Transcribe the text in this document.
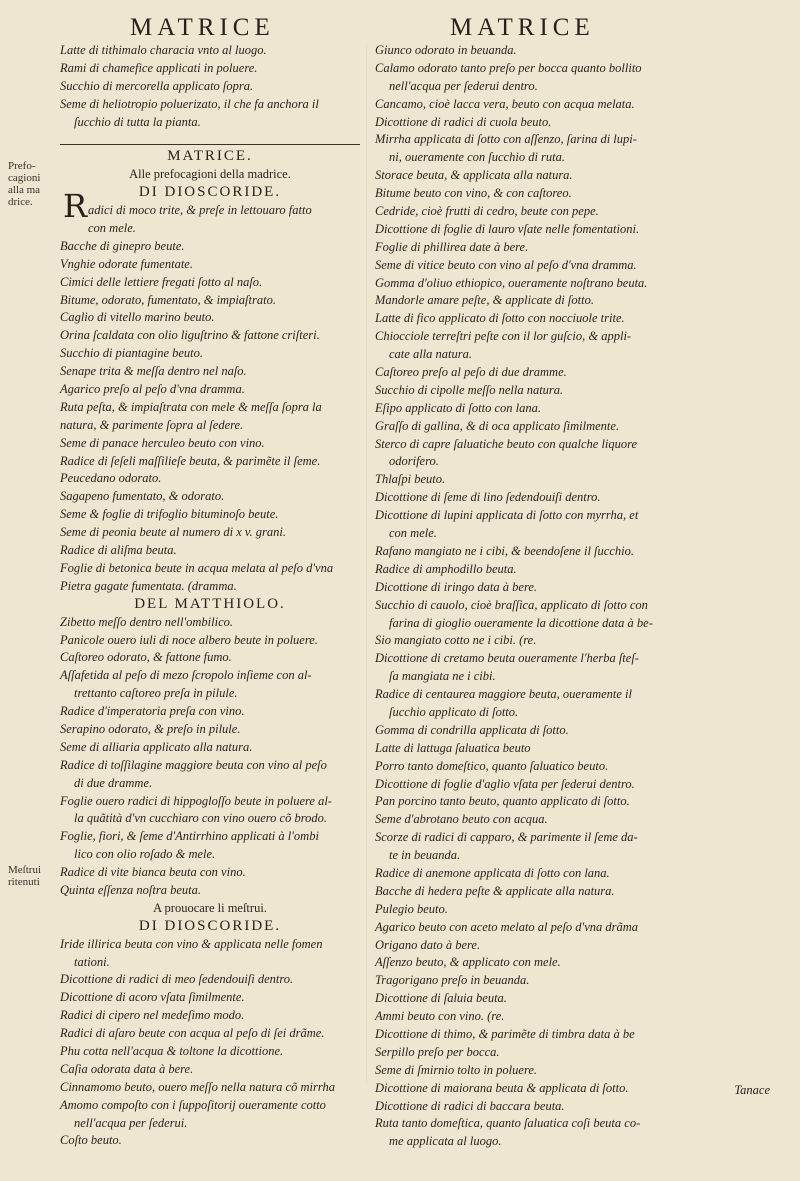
MATRICE	MATRICE
Prefo-
cagioni
alla ma
drice.
Meſtrui
ritenuti
Latte di tithimalo characia vnto al luogo.
Rami di chamefice applicati in poluere.
Succhio di mercorella applicato ſopra.
Seme di heliotropio poluerizato, il che fa anchora il
ſucchio di tutta la pianta.
MATRICE.
Alle prefocagioni della madrice.
DI DIOSCORIDE.
adici di moco trite, & preſe in lettouaro fatto
con mele.
Bacche di ginepro beute.
Vnghie odorate fumentate.
Cimici delle lettiere fregati ſotto al naſo.
Bitume, odorato, fumentato, & impiaſtrato.
Caglio di vitello marino beuto.
Orina ſcaldata con olio liguſtrino & fattone criſteri.
Succhio di piantagine beuto.
Senape trita & meſſa dentro nel naſo.
Agarico preſo al peſo d'vna dramma.
Ruta peſta, & impiaſtrata con mele & meſſa ſopra la
natura, & parimente ſopra al ſedere.
Seme di panace herculeo beuto con vino.
Radice di ſeſeli maſſilieſe beuta, & parimẽte il ſeme.
Peucedano odorato.
Sagapeno fumentato, & odorato.
Seme & foglie di trifoglio bituminoſo beute.
Seme di peonia beute al numero di x v. grani.
Radice di aliſma beuta.
Foglie di betonica beute in acqua melata al peſo d'vna
Pietra gagate fumentata. (dramma.
DEL MATTHIOLO.
Zibetto meſſo dentro nell'ombilico.
Panicole ouero iuli di noce albero beute in poluere.
Caſtoreo odorato, & fattone fumo.
Aſſafetida al peſo di mezo ſcropolo inſieme con al-
trettanto caſtoreo preſa in pilule.
Radice d'imperatoria preſa con vino.
Serapino odorato, & preſo in pilule.
Seme di alliaria applicato alla natura.
Radice di toſſilagine maggiore beuta con vino al peſo
di due dramme.
Foglie ouero radici di hippogloſſo beute in poluere al-
la quãtità d'vn cucchiaro con vino ouero cõ brodo.
Foglie, fiori, & ſeme d'Antirrhino applicati à l'ombi
lico con olio roſado & mele.
Radice di vite bianca beuta con vino.
Quinta eſſenza noſtra beuta.
A prouocare li meſtrui.
DI DIOSCORIDE.
Iride illirica beuta con vino & applicata nelle fomen
tationi.
Dicottione di radici di meo ſedendouiſi dentro.
Dicottione di acoro vſata ſimilmente.
Radici di cipero nel medeſimo modo.
Radici di aſaro beute con acqua al peſo di ſei drãme.
Phu cotta nell'acqua & toltone la dicottione.
Caſia odorata data à bere.
Cinnamomo beuto, ouero meſſo nella natura cõ mirrha
Amomo compoſto con i ſuppoſitorij oueramente cotto
nell'acqua per ſederui.
Coſto beuto.
Giunco odorato in beuanda.
Calamo odorato tanto preſo per bocca quanto bollito
nell'acqua per ſederui dentro.
Cancamo, cioè lacca vera, beuto con acqua melata.
Dicottione di radici di cuola beuto.
Mirrha applicata di ſotto con aſſenzo, ſarina di lupi-
ni, oueramente con ſucchio di ruta.
Storace beuta, & applicata alla natura.
Bitume beuto con vino, & con caſtoreo.
Cedride, cioè frutti di cedro, beute con pepe.
Dicottione di foglie di lauro vſate nelle fomentationi.
Foglie di phillirea date à bere.
Seme di vitice beuto con vino al peſo d'vna dramma.
Gomma d'oliuo ethiopico, oueramente noſtrano beuta.
Mandorle amare peſte, & applicate di ſotto.
Latte di fico applicato di ſotto con nocciuole trite.
Chiocciole terreſtri peſte con il lor guſcio, & appli-
cate alla natura.
Caſtoreo preſo al peſo di due dramme.
Succhio di cipolle meſſo nella natura.
Eſipo applicato di ſotto con lana.
Graſſo di gallina, & di oca applicato ſimilmente.
Sterco di capre ſaluatiche beuto con qualche liquore
odorifero.
Thlaſpi beuto.
Dicottione di ſeme di lino ſedendouiſi dentro.
Dicottione di lupini applicata di ſotto con myrrha, et
con mele.
Rafano mangiato ne i cibi, & beendoſene il ſucchio.
Radice di amphodillo beuta.
Dicottione di iringo data à bere.
Succhio di cauolo, cioè braſſica, applicato di ſotto con
farina di gioglio oueramente la dicottione data à be-
Sio mangiato cotto ne i cibi. (re.
Dicottione di cretamo beuta oueramente l'herba ſteſ-
ſa mangiata ne i cibi.
Radice di centaurea maggiore beuta, oueramente il
ſucchio applicato di ſotto.
Gomma di condrilla applicata di ſotto.
Latte di lattuga ſaluatica beuto
Porro tanto domeſtico, quanto ſaluatico beuto.
Dicottione di foglie d'aglio vſata per ſederui dentro.
Pan porcino tanto beuto, quanto applicato di ſotto.
Seme d'abrotano beuto con acqua.
Scorze di radici di capparo, & parimente il ſeme da-
te in beuanda.
Radice di anemone applicata di ſotto con lana.
Bacche di hedera peſte & applicate alla natura.
Pulegio beuto.
Agarico beuto con aceto melato al peſo d'vna drãma
Origano dato à bere.
Aſſenzo beuto, & applicato con mele.
Tragorigano preſo in beuanda.
Dicottione di ſaluia beuta.
Ammi beuto con vino. (re.
Dicottione di thimo, & parimẽte di timbra data à be
Serpillo preſo per bocca.
Seme di ſmirnio tolto in poluere.
Dicottione di maiorana beuta & applicata di ſotto.
Dicottione di radici di baccara beuta.
Ruta tanto domeſtica, quanto ſaluatica coſi beuta co-
me applicata al luogo.
Tanace
R
